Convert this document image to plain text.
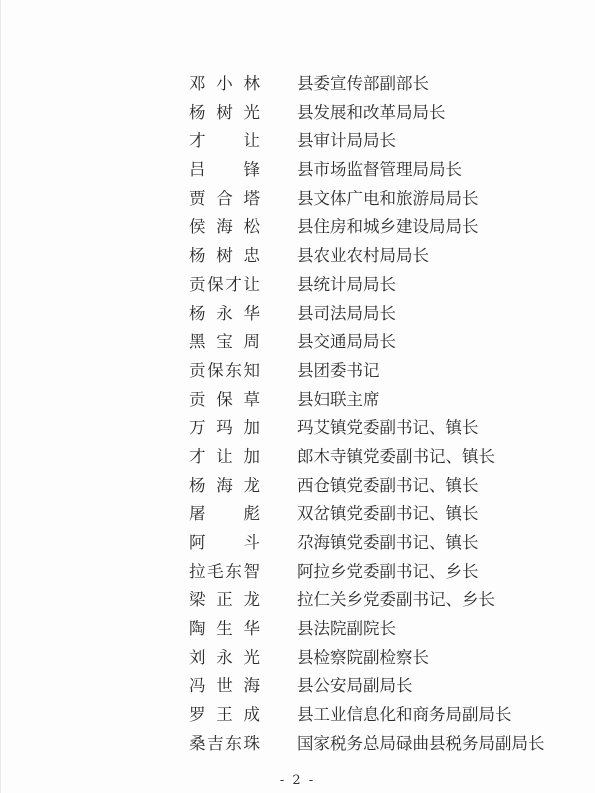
邓 小 林 县委宣传部副部长
杨 树 光 县发展和改革局局长
才 让 县审计局局长
吕 锋 县市场监督管理局局长
贾 合 塔 县文体广电和旅游局局长
侯 海 松 县住房和城乡建设局局长
杨 树 忠 县农业农村局局长
贡 保 才 让 县统计局局长
杨 永 华 县司法局局长
黑 宝 周 县交通局局长
贡 保 东 知 县团委书记
贡 保 草 县妇联主席
万 玛 加 玛艾镇党委副书记、镇长
才 让 加 郎木寺镇党委副书记、镇长
杨 海 龙 西仓镇党委副书记、镇长
屠 彪 双岔镇党委副书记、镇长
阿 斗 尕海镇党委副书记、镇长
拉 毛 东 智 阿拉乡党委副书记、乡长
梁 正 龙 拉仁关乡党委副书记、乡长
陶 生 华 县法院副院长
刘 永 光 县检察院副检察长
冯 世 海 县公安局副局长
罗 王 成 县工业信息化和商务局副局长
桑 吉 东 珠 国家税务总局碌曲县税务局副局长
- 2 -
